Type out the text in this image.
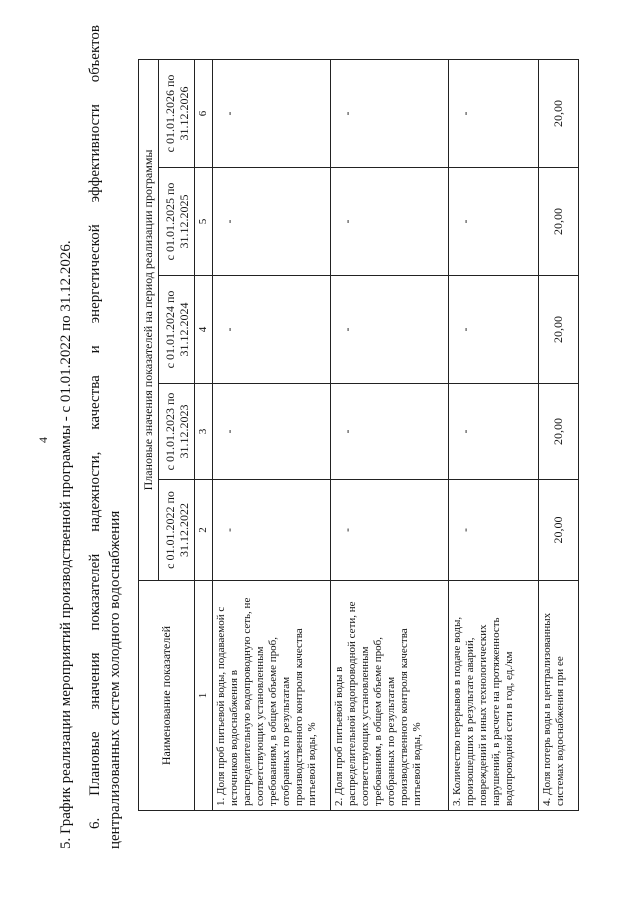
4 5. График реализации мероприятий производственной программы - с 01.01.2022 по 31.12.2026. 6. Плановые значения показателей надежности, качества и энергетической эффективности объектов централизованных систем холодного водоснабжения	Наименование показателей	Плановые значения показателей на период реализации программы				
	с 01.01.2022 по 31.12.2022	с 01.01.2023 по 31.12.2023	с 01.01.2024 по 31.12.2024	с 01.01.2025 по 31.12.2025	с 01.01.2026 по 31.12.2026
1	2	3	4	5	6
1. Доля проб питьевой воды, подаваемой с источников водоснабжения в распределительную водопроводную сеть, не соответствующих установленным требованиям, в общем объеме проб, отобранных по результатам производственного контроля качества питьевой воды, %	-	-	-	-	-
2. Доля проб питьевой воды в распределительной водопроводной сети, не соответствующих установленным требованиям, в общем объеме проб, отобранных по результатам производственного контроля качества питьевой воды, %	-	-	-	-	-
3. Количество перерывов в подаче воды, произошедших в результате аварий, повреждений и иных технологических нарушений, в расчете на протяженность водопроводной сети в год, ед./км	-	-	-	-	-
4. Доля потерь воды в централизованных системах водоснабжения при ее	20,00	20,00	20,00	20,00	20,00
